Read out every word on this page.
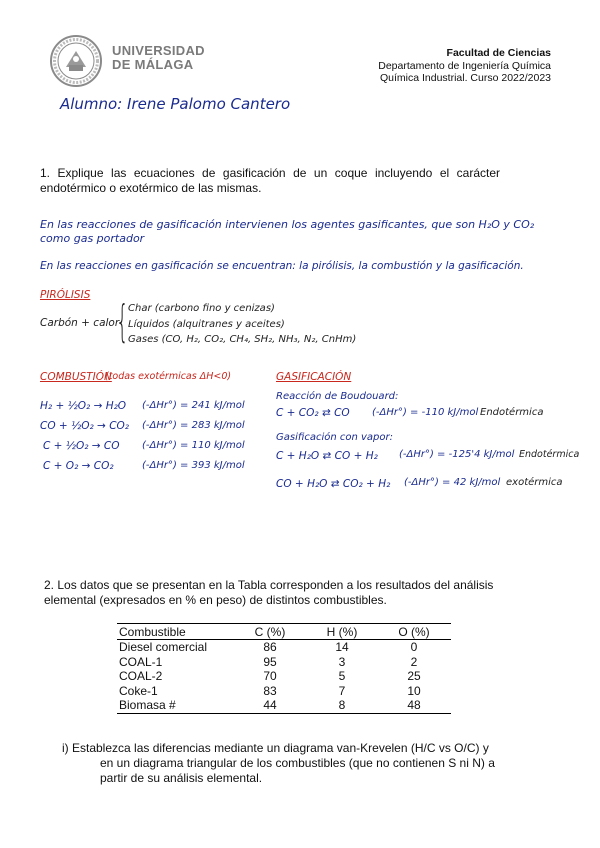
UNIVERSIDAD
DE MÁLAGA
Facultad de Ciencias
Departamento de Ingeniería Química
Química Industrial. Curso 2022/2023
Alumno: Irene Palomo Cantero
1. Explique las ecuaciones de gasificación de un coque incluyendo el carácter endotérmico o exotérmico de las mismas.
En las reacciones de gasificación intervienen los agentes gasificantes, que son H₂O y CO₂
como gas portador
En las reacciones en gasificación se encuentran: la pirólisis, la combustión y la gasificación.
PIRÓLISIS
Carbón + calor
{ Char (carbono fino y cenizas)
Líquidos (alquitranes y aceites)
Gases (CO, H₂, CO₂, CH₄, SH₂, NH₃, N₂, CnHm)
COMBUSTIÓN
(todas exotérmicas ΔH<0)
H₂ + ½O₂ → H₂O (-ΔHr°) = 241 kJ/mol
CO + ½O₂ → CO₂ (-ΔHr°) = 283 kJ/mol
C + ½O₂ → CO (-ΔHr°) = 110 kJ/mol
C + O₂ → CO₂	(-ΔHr°) = 393 kJ/mol
GASIFICACIÓN
Reacción de Boudouard:
C + CO₂ ⇄ CO (-ΔHr°) = -110 kJ/mol Endotérmica
Gasificación con vapor:
C + H₂O ⇄ CO + H₂ (-ΔHr°) = -125'4 kJ/mol Endotérmica
CO + H₂O ⇄ CO₂ + H₂ (-ΔHr°) = 42 kJ/mol exotérmica
2. Los datos que se presentan en la Tabla corresponden a los resultados del análisis elemental (expresados en % en peso) de distintos combustibles.
Combustible	C (%)	H (%)	O (%)
Diesel comercial	86	14	0
COAL-1	95	3	2
COAL-2	70	5	25
Coke-1	83	7	10
Biomasa #	44	8	48
i) Establezca las diferencias mediante un diagrama van-Krevelen (H/C vs O/C) y
en un diagrama triangular de los combustibles (que no contienen S ni N) a
partir de su análisis elemental.
